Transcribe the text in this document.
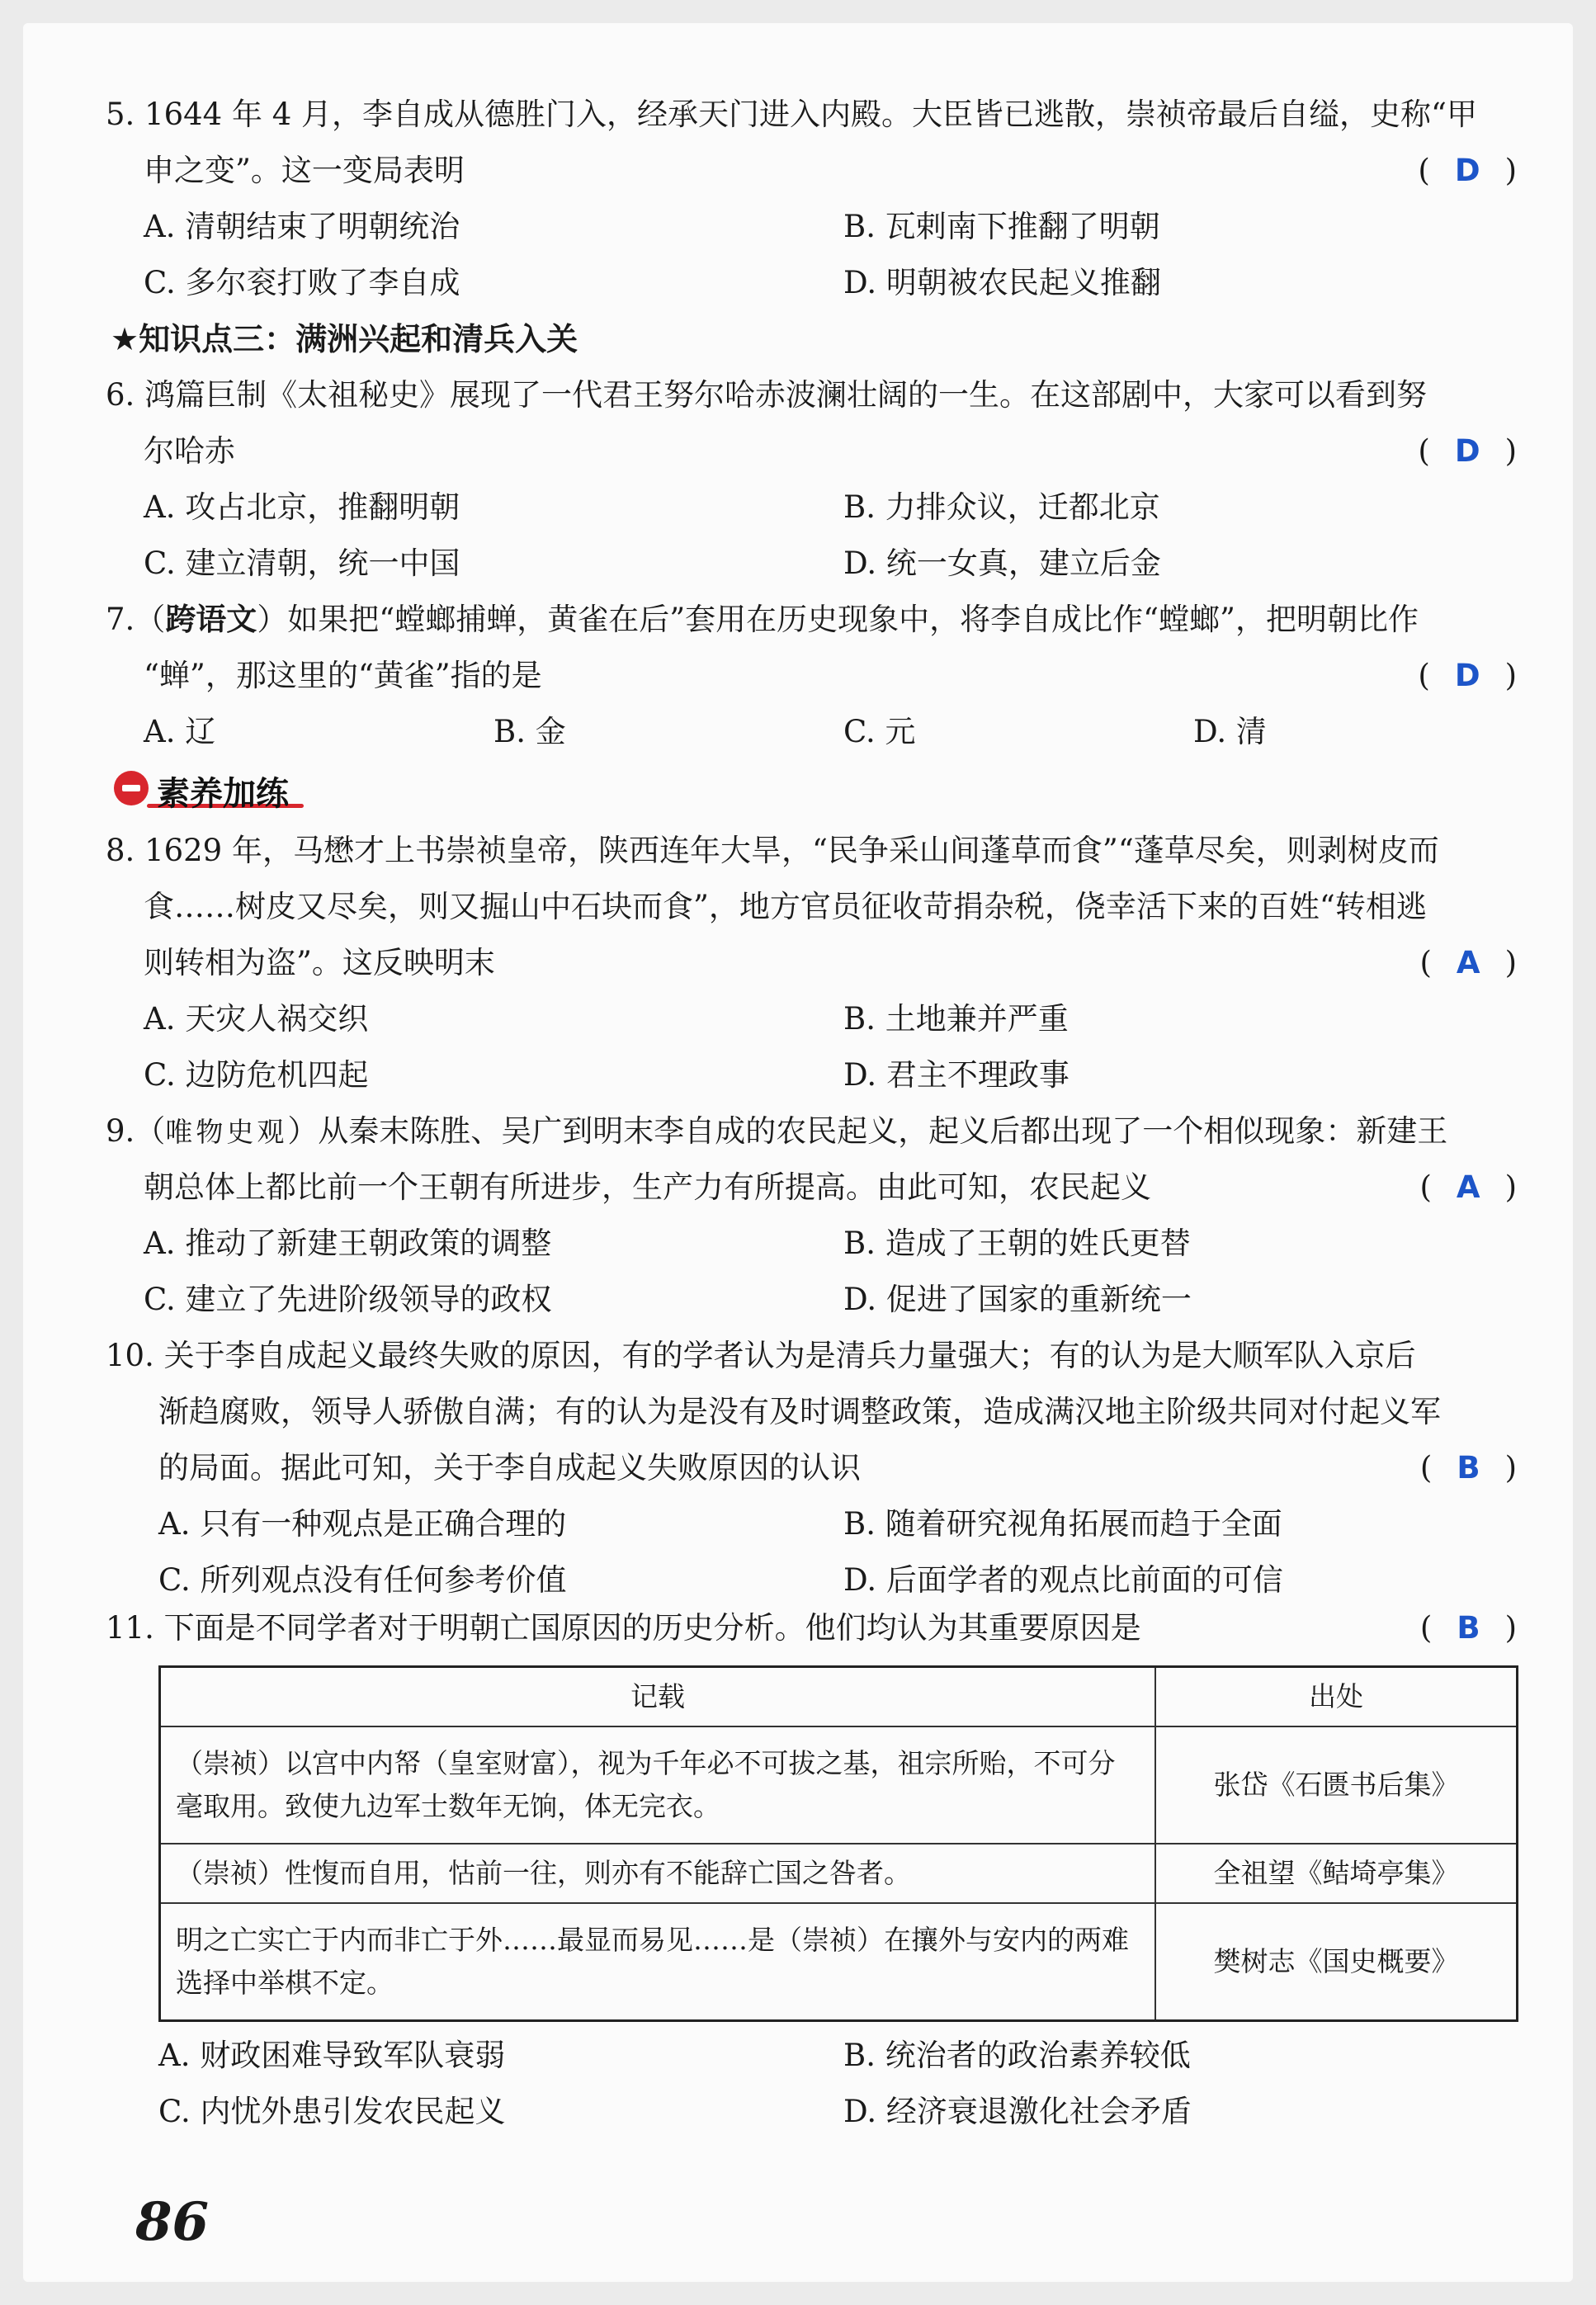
5. 1644 年 4 月，李自成从德胜门入，经承天门进入内殿。大臣皆已逃散，崇祯帝最后自缢，史称“甲
申之变”。这一变局表明	( D )
A. 清朝结束了明朝统治	B. 瓦剌南下推翻了明朝
C. 多尔衮打败了李自成	D. 明朝被农民起义推翻
★知识点三：满洲兴起和清兵入关
6. 鸿篇巨制《太祖秘史》展现了一代君王努尔哈赤波澜壮阔的一生。在这部剧中，大家可以看到努
尔哈赤	( D )
A. 攻占北京，推翻明朝	B. 力排众议，迁都北京
C. 建立清朝，统一中国	D. 统一女真，建立后金
7.（跨语文）如果把“螳螂捕蝉，黄雀在后”套用在历史现象中，将李自成比作“螳螂”，把明朝比作
“蝉”，那这里的“黄雀”指的是	( D )
A. 辽	B. 金	C. 元	D. 清
素养加练
8. 1629 年，马懋才上书崇祯皇帝，陕西连年大旱，“民争采山间蓬草而食”“蓬草尽矣，则剥树皮而
食……树皮又尽矣，则又掘山中石块而食”，地方官员征收苛捐杂税，侥幸活下来的百姓“转相逃
则转相为盗”。这反映明末	( A )
A. 天灾人祸交织	B. 土地兼并严重
C. 边防危机四起	D. 君主不理政事
9.（唯物史观）从秦末陈胜、吴广到明末李自成的农民起义，起义后都出现了一个相似现象：新建王
朝总体上都比前一个王朝有所进步，生产力有所提高。由此可知，农民起义	( A )
A. 推动了新建王朝政策的调整	B. 造成了王朝的姓氏更替
C. 建立了先进阶级领导的政权	D. 促进了国家的重新统一
10. 关于李自成起义最终失败的原因，有的学者认为是清兵力量强大；有的认为是大顺军队入京后
渐趋腐败，领导人骄傲自满；有的认为是没有及时调整政策，造成满汉地主阶级共同对付起义军
的局面。据此可知，关于李自成起义失败原因的认识	( B )
A. 只有一种观点是正确合理的	B. 随着研究视角拓展而趋于全面
C. 所列观点没有任何参考价值	D. 后面学者的观点比前面的可信
11. 下面是不同学者对于明朝亡国原因的历史分析。他们均认为其重要原因是	( B )
记载	出处
（崇祯）以宫中内帑（皇室财富），视为千年必不可拔之基，祖宗所贻，不可分毫取用。致使九边军士数年无饷，体无完衣。	张岱《石匮书后集》
（崇祯）性愎而自用，怙前一往，则亦有不能辞亡国之咎者。	全祖望《鲒埼亭集》
明之亡实亡于内而非亡于外……最显而易见……是（崇祯）在攘外与安内的两难选择中举棋不定。	樊树志《国史概要》
A. 财政困难导致军队衰弱	B. 统治者的政治素养较低
C. 内忧外患引发农民起义	D. 经济衰退激化社会矛盾
86
